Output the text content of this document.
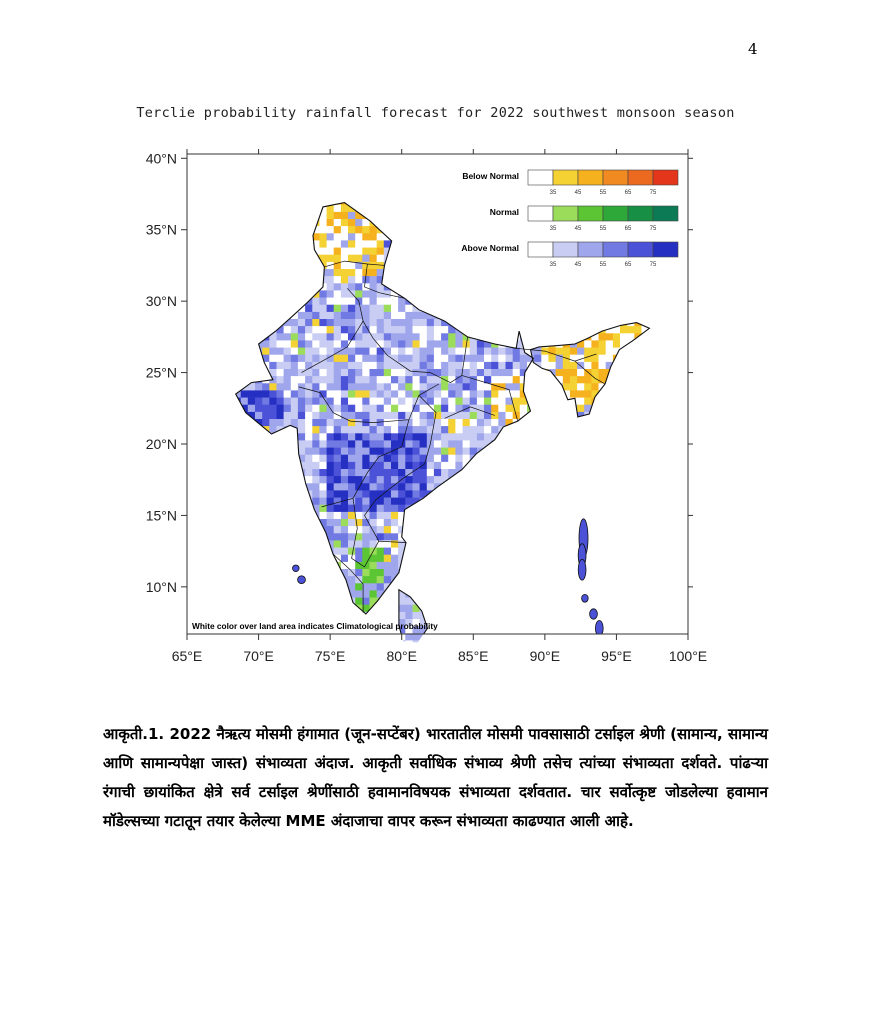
4
Terclie probability rainfall forecast for 2022 southwest monsoon season
40°N
35°N
30°N
25°N
20°N
15°N
10°N
65°E	70°E	75°E	80°E	85°E	90°E	95°E	100°E
Below Normal
35	45	55	65	75
Normal
35	45	55	65	75
Above Normal
35	45	55	65	75
White color over land area indicates Climatological probability
आकृती.1. 2022 नैऋत्य मोसमी हंगामात (जून-सप्टेंबर) भारतातील मोसमी पावसासाठी टर्साइल श्रेणी (सामान्य, सामान्य आणि सामान्यपेक्षा जास्त) संभाव्यता अंदाज. आकृती सर्वाधिक संभाव्य श्रेणी तसेच त्यांच्या संभाव्यता दर्शवते. पांढऱ्या रंगाची छायांकित क्षेत्रे सर्व टर्साइल श्रेणींसाठी हवामानविषयक संभाव्यता दर्शवतात. चार सर्वोत्कृष्ट जोडलेल्या हवामान मॉडेल्सच्या गटातून तयार केलेल्या MME अंदाजाचा वापर करून संभाव्यता काढण्यात आली आहे.
